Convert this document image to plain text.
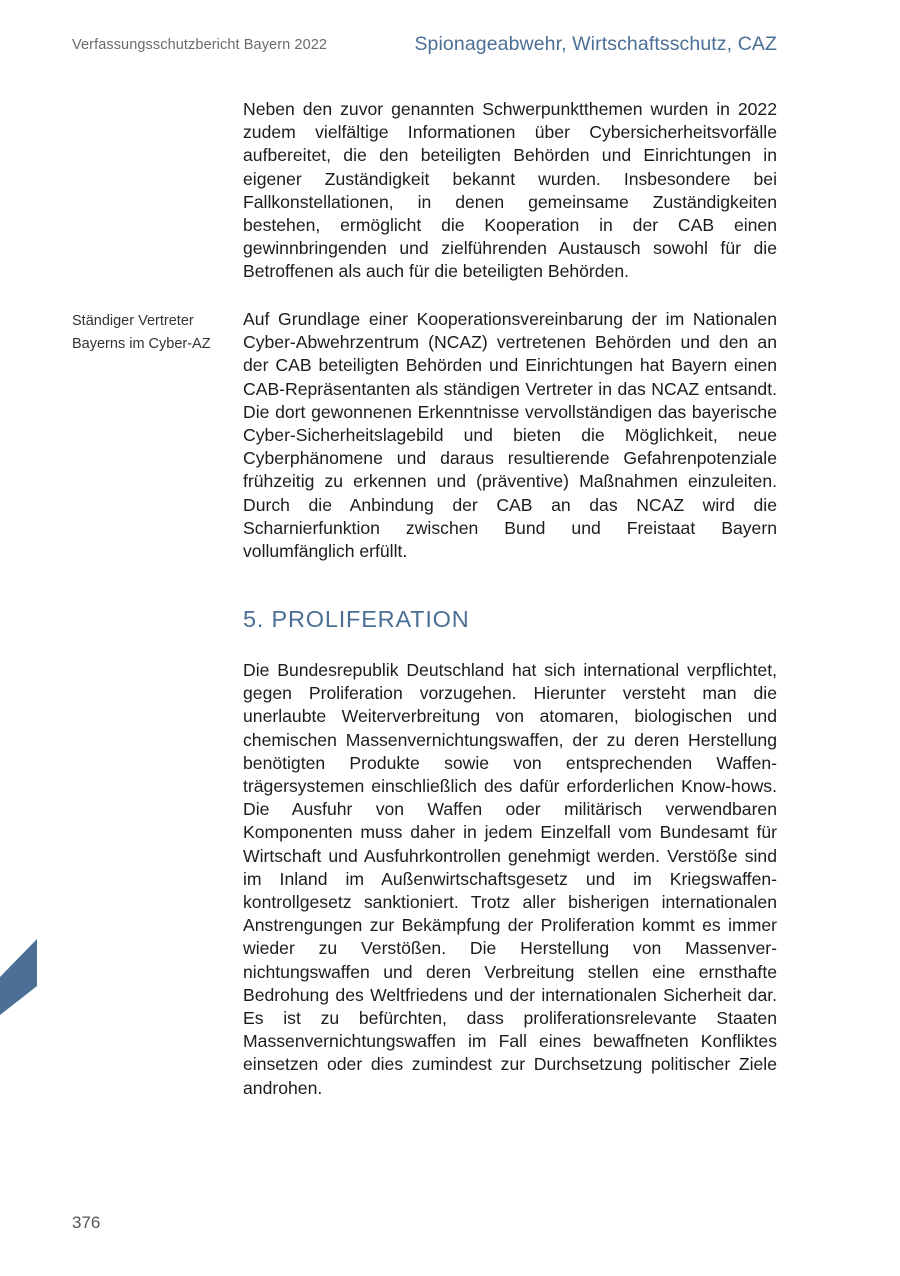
Verfassungsschutzbericht Bayern 2022	Spionageabwehr, Wirtschaftsschutz, CAZ

Neben den zuvor genannten Schwerpunktthemen wurden in 2022 zudem vielfältige Informationen über Cybersicherheitsvorfälle aufbereitet, die den beteiligten Behörden und Einrichtungen in eigener Zuständigkeit bekannt wurden. Insbesondere bei Fallkonstellationen, in denen gemeinsame Zuständigkeiten bestehen, ermöglicht die Kooperation in der CAB einen gewinnbringenden und zielführenden Austausch sowohl für die Betroffenen als auch für die beteiligten Behörden.

Ständiger Vertreter Bayerns im Cyber-AZ

Auf Grundlage einer Kooperationsvereinbarung der im Nationalen Cyber-Abwehrzentrum (NCAZ) vertretenen Behörden und den an der CAB beteiligten Behörden und Einrichtungen hat Bayern einen CAB-Repräsentanten als ständigen Vertreter in das NCAZ entsandt. Die dort gewonnenen Erkenntnisse vervollständigen das bayerische Cyber-Sicherheitslagebild und bieten die Möglichkeit, neue Cyberphänomene und daraus resultierende Gefahrenpotenziale frühzeitig zu erkennen und (präventive) Maßnahmen einzuleiten. Durch die Anbindung der CAB an das NCAZ wird die Scharnierfunktion zwischen Bund und Freistaat Bayern vollumfänglich erfüllt.

5. PROLIFERATION

Die Bundesrepublik Deutschland hat sich international verpflichtet, gegen Proliferation vorzugehen. Hierunter versteht man die unerlaubte Weiterverbreitung von atomaren, biologischen und chemischen Massenvernichtungswaffen, der zu deren Herstellung benötigten Produkte sowie von entsprechenden Waffenträgersystemen einschließlich des dafür erforderlichen Know-hows. Die Ausfuhr von Waffen oder militärisch verwendbaren Komponenten muss daher in jedem Einzelfall vom Bundesamt für Wirtschaft und Ausfuhrkontrollen genehmigt werden. Verstöße sind im Inland im Außenwirtschaftsgesetz und im Kriegswaffenkontrollgesetz sanktioniert. Trotz aller bisherigen internationalen Anstrengungen zur Bekämpfung der Proliferation kommt es immer wieder zu Verstößen. Die Herstellung von Massenvernichtungswaffen und deren Verbreitung stellen eine ernsthafte Bedrohung des Weltfriedens und der internationalen Sicherheit dar. Es ist zu befürchten, dass proliferationsrelevante Staaten Massenvernichtungswaffen im Fall eines bewaffneten Konfliktes einsetzen oder dies zumindest zur Durchsetzung politischer Ziele androhen.

376
